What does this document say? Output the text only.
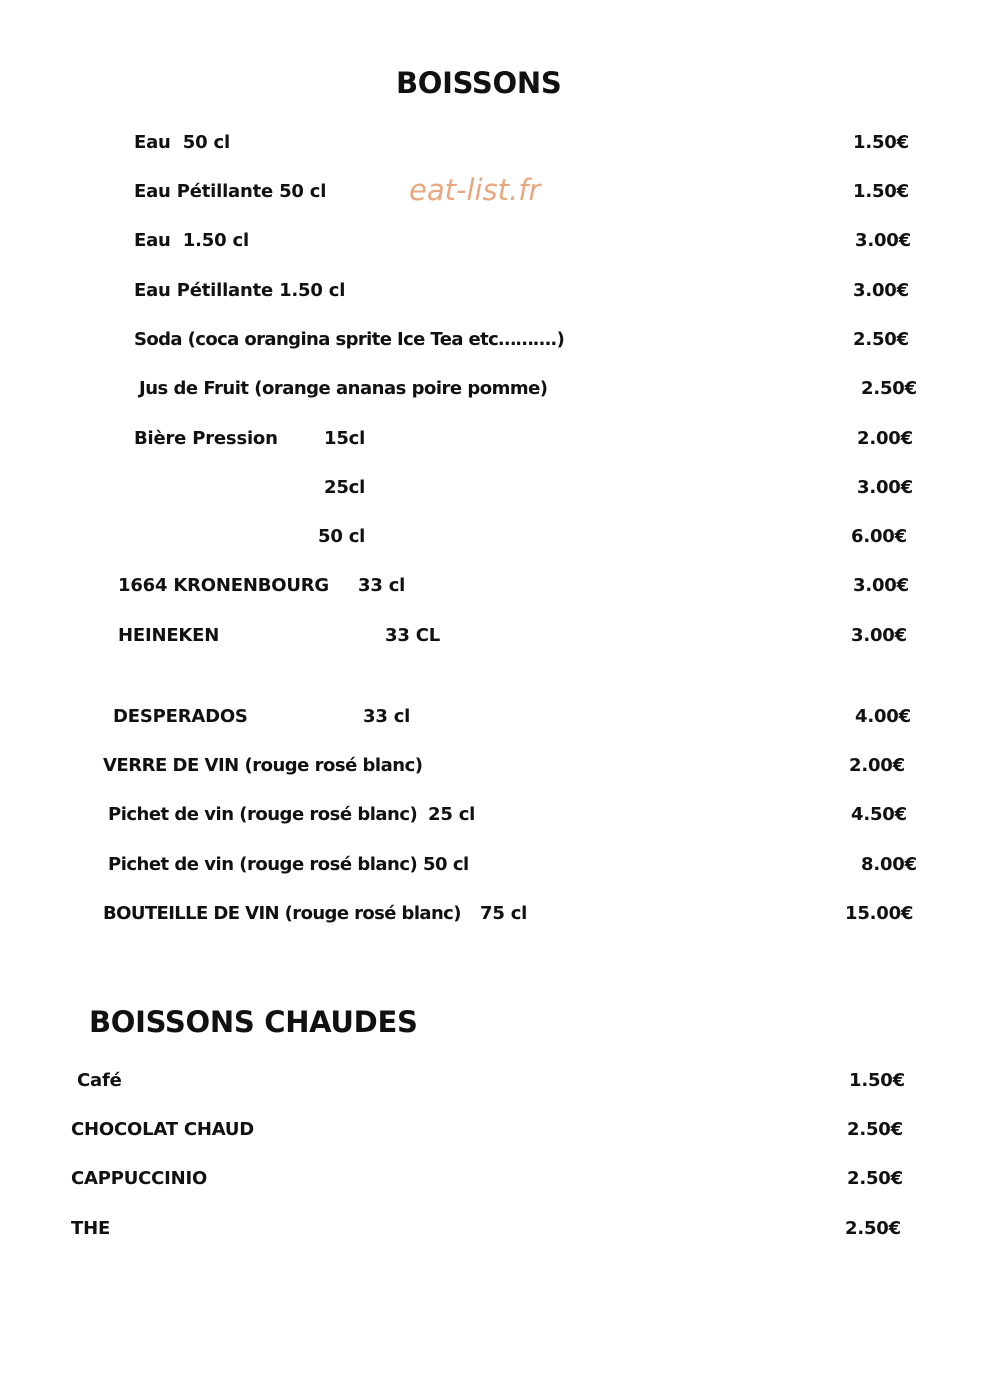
BOISSONS
eat-list.fr
Eau  50 cl	1.50€
Eau Pétillante 50 cl	1.50€
Eau  1.50 cl	3.00€
Eau Pétillante 1.50 cl	3.00€
Soda (coca orangina sprite Ice Tea etc……….)	2.50€
Jus de Fruit (orange ananas poire pomme)	2.50€
Bière Pression	15cl	2.00€
25cl	3.00€
50 cl	6.00€
1664 KRONENBOURG 33 cl	3.00€
HEINEKEN	33 CL	3.00€
DESPERADOS	33 cl	4.00€
VERRE DE VIN (rouge rosé blanc)	2.00€
Pichet de vin (rouge rosé blanc) 25 cl	4.50€
Pichet de vin (rouge rosé blanc) 50 cl	8.00€
BOUTEILLE DE VIN (rouge rosé blanc) 75 cl	15.00€
BOISSONS CHAUDES
Café	1.50€
CHOCOLAT CHAUD	2.50€
CAPPUCCINIO	2.50€
THE	2.50€
